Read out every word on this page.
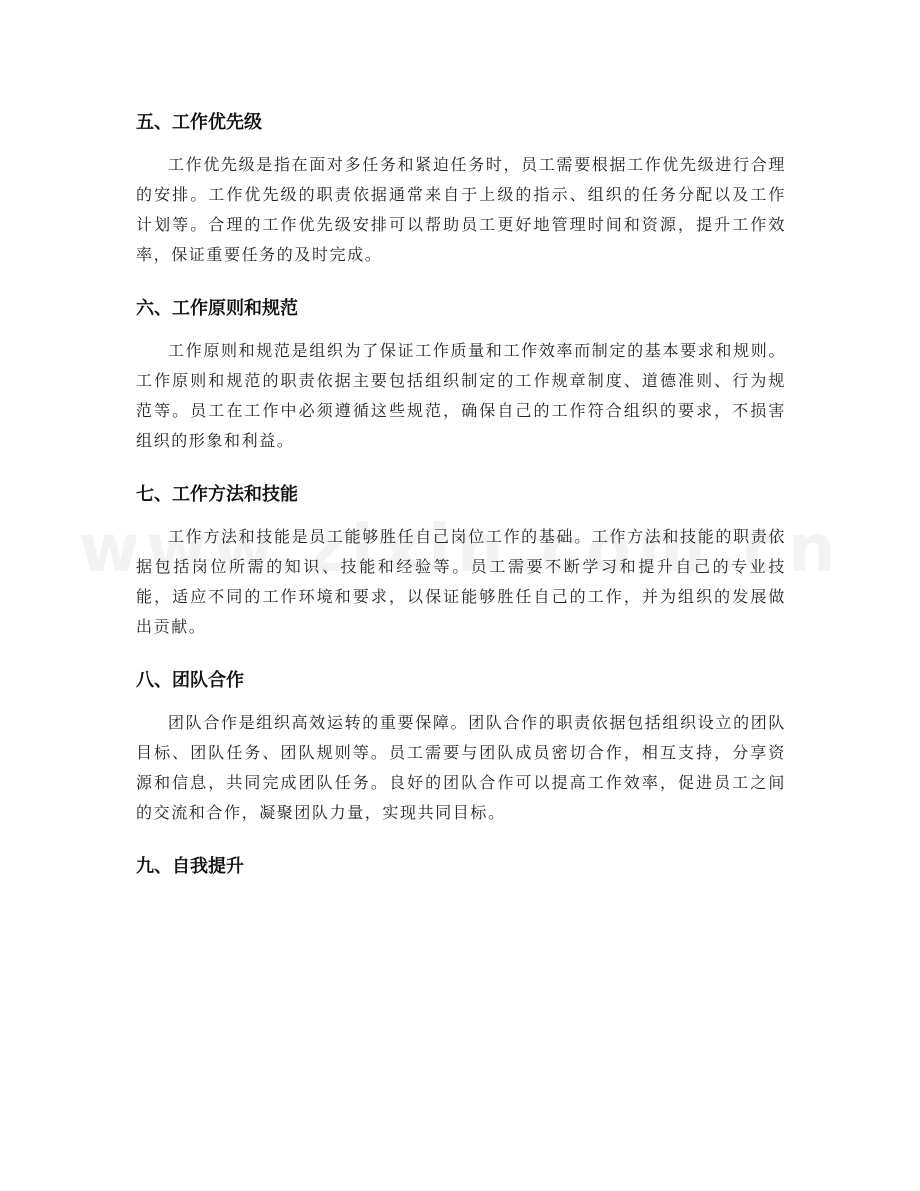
五、工作优先级

工作优先级是指在面对多任务和紧迫任务时，员工需要根据工作优先级进行合理的安排。工作优先级的职责依据通常来自于上级的指示、组织的任务分配以及工作计划等。合理的工作优先级安排可以帮助员工更好地管理时间和资源，提升工作效率，保证重要任务的及时完成。

六、工作原则和规范

工作原则和规范是组织为了保证工作质量和工作效率而制定的基本要求和规则。工作原则和规范的职责依据主要包括组织制定的工作规章制度、道德准则、行为规范等。员工在工作中必须遵循这些规范，确保自己的工作符合组织的要求，不损害组织的形象和利益。

七、工作方法和技能

工作方法和技能是员工能够胜任自己岗位工作的基础。工作方法和技能的职责依据包括岗位所需的知识、技能和经验等。员工需要不断学习和提升自己的专业技能，适应不同的工作环境和要求，以保证能够胜任自己的工作，并为组织的发展做出贡献。

八、团队合作

团队合作是组织高效运转的重要保障。团队合作的职责依据包括组织设立的团队目标、团队任务、团队规则等。员工需要与团队成员密切合作，相互支持，分享资源和信息，共同完成团队任务。良好的团队合作可以提高工作效率，促进员工之间的交流和合作，凝聚团队力量，实现共同目标。

九、自我提升
